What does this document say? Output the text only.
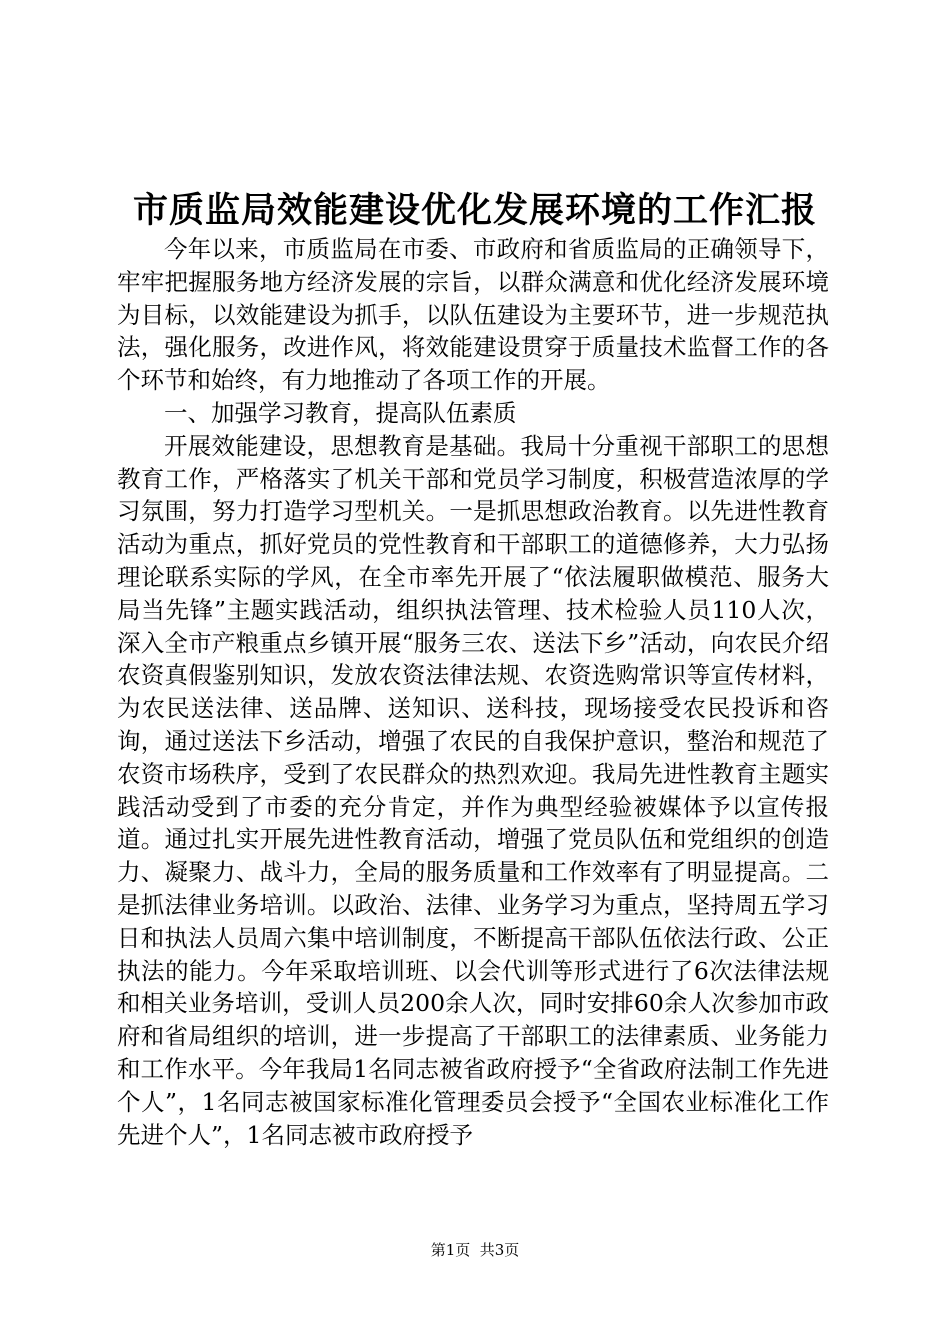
市质监局效能建设优化发展环境的工作汇报

今年以来，市质监局在市委、市政府和省质监局的正确领导下，牢牢把握服务地方经济发展的宗旨，以群众满意和优化经济发展环境为目标，以效能建设为抓手，以队伍建设为主要环节，进一步规范执法，强化服务，改进作风，将效能建设贯穿于质量技术监督工作的各个环节和始终，有力地推动了各项工作的开展。

一、加强学习教育，提高队伍素质

开展效能建设，思想教育是基础。我局十分重视干部职工的思想教育工作，严格落实了机关干部和党员学习制度，积极营造浓厚的学习氛围，努力打造学习型机关。一是抓思想政治教育。以先进性教育活动为重点，抓好党员的党性教育和干部职工的道德修养，大力弘扬理论联系实际的学风，在全市率先开展了“依法履职做模范、服务大局当先锋”主题实践活动，组织执法管理、技术检验人员110人次，深入全市产粮重点乡镇开展“服务三农、送法下乡”活动，向农民介绍农资真假鉴别知识，发放农资法律法规、农资选购常识等宣传材料，为农民送法律、送品牌、送知识、送科技，现场接受农民投诉和咨询，通过送法下乡活动，增强了农民的自我保护意识，整治和规范了农资市场秩序，受到了农民群众的热烈欢迎。我局先进性教育主题实践活动受到了市委的充分肯定，并作为典型经验被媒体予以宣传报道。通过扎实开展先进性教育活动，增强了党员队伍和党组织的创造力、凝聚力、战斗力，全局的服务质量和工作效率有了明显提高。二是抓法律业务培训。以政治、法律、业务学习为重点，坚持周五学习日和执法人员周六集中培训制度，不断提高干部队伍依法行政、公正执法的能力。今年采取培训班、以会代训等形式进行了6次法律法规和相关业务培训，受训人员200余人次，同时安排60余人次参加市政府和省局组织的培训，进一步提高了干部职工的法律素质、业务能力和工作水平。今年我局1名同志被省政府授予“全省政府法制工作先进个人”，1名同志被国家标准化管理委员会授予“全国农业标准化工作先进个人”，1名同志被市政府授予

第1页  共3页
